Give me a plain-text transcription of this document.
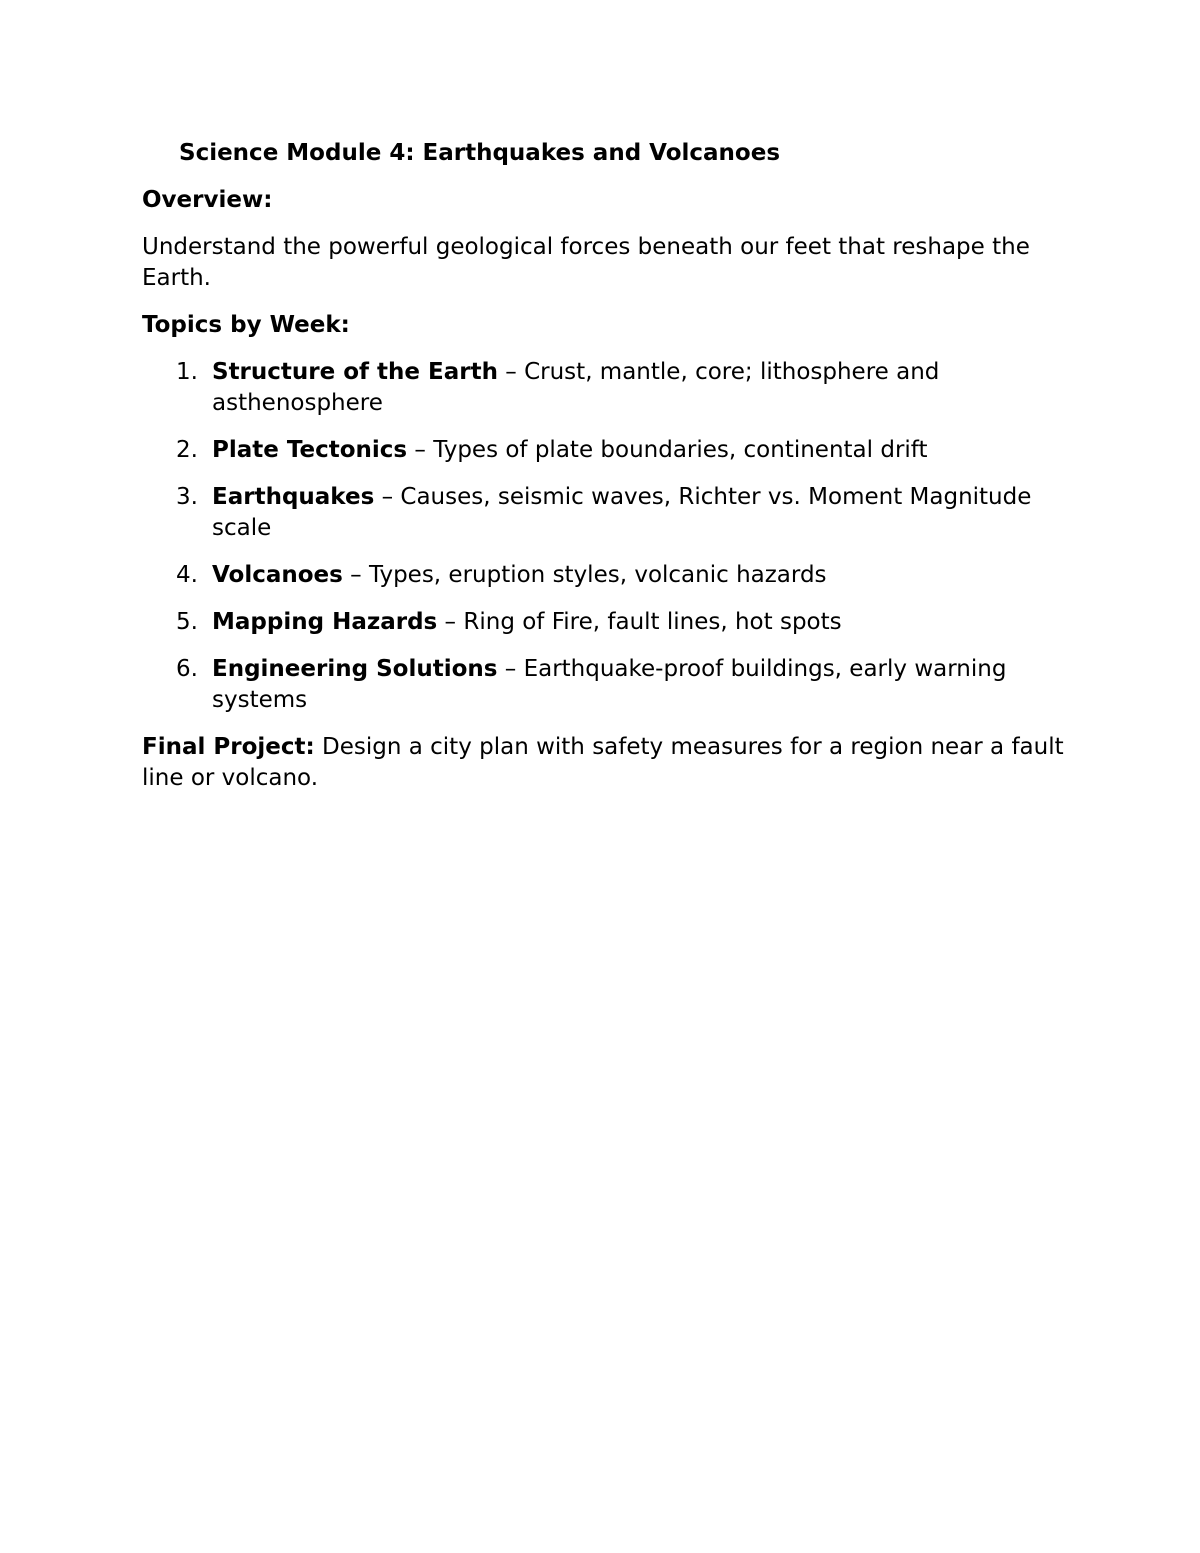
Science Module 4: Earthquakes and Volcanoes
Overview:
Understand the powerful geological forces beneath our feet that reshape the Earth.
Topics by Week:
1. Structure of the Earth – Crust, mantle, core; lithosphere and asthenosphere
2. Plate Tectonics – Types of plate boundaries, continental drift
3. Earthquakes – Causes, seismic waves, Richter vs. Moment Magnitude scale
4. Volcanoes – Types, eruption styles, volcanic hazards
5. Mapping Hazards – Ring of Fire, fault lines, hot spots
6. Engineering Solutions – Earthquake-proof buildings, early warning systems
Final Project: Design a city plan with safety measures for a region near a fault line or volcano.
